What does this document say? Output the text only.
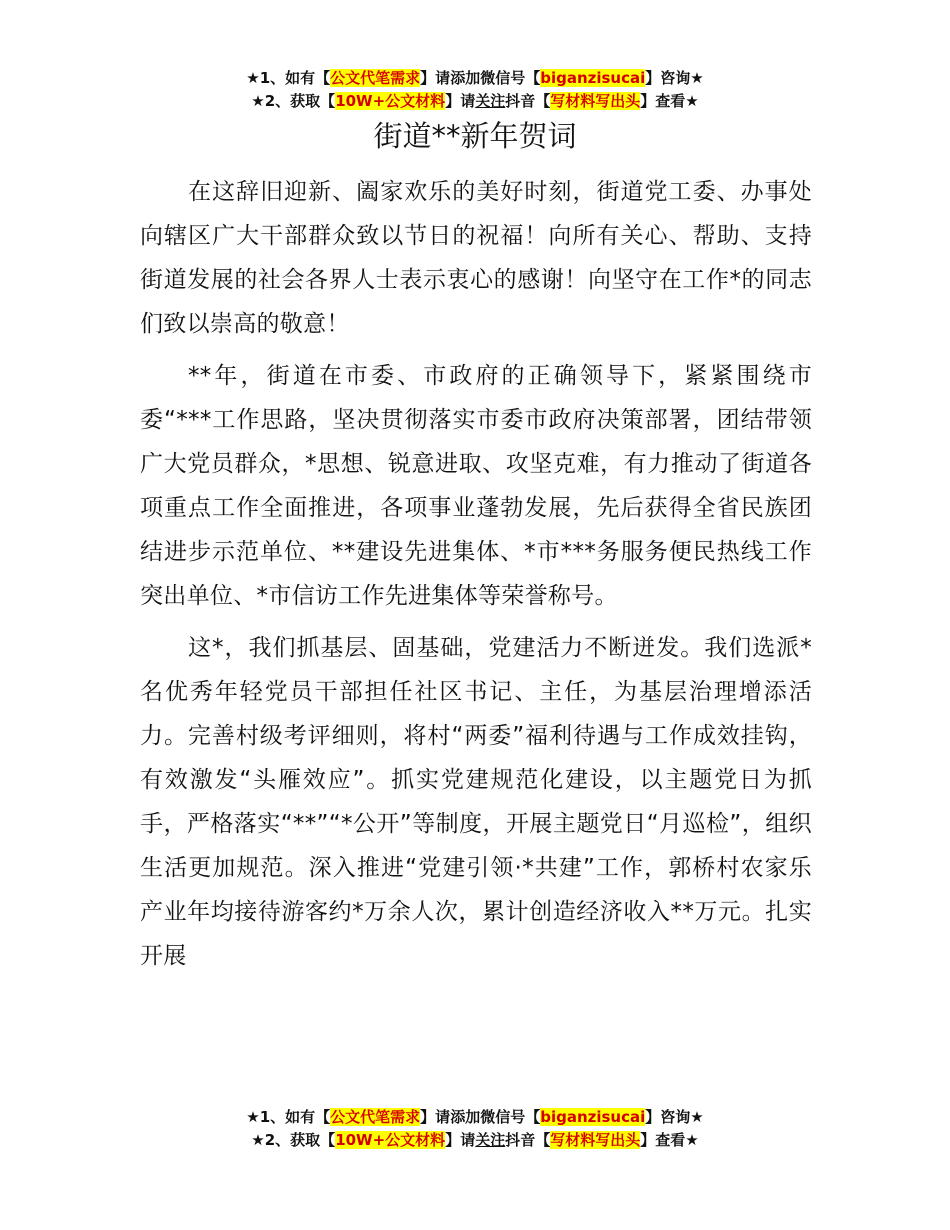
★1、如有【公文代笔需求】请添加微信号【biganzisucai】咨询★
★2、获取【10W+公文材料】请关注抖音【写材料写出头】查看★
街道**新年贺词

在这辞旧迎新、阖家欢乐的美好时刻，街道党工委、办事处向辖区广大干部群众致以节日的祝福！向所有关心、帮助、支持街道发展的社会各界人士表示衷心的感谢！向坚守在工作*的同志们致以崇高的敬意！

**年，街道在市委、市政府的正确领导下，紧紧围绕市委“***工作思路，坚决贯彻落实市委市政府决策部署，团结带领广大党员群众，*思想、锐意进取、攻坚克难，有力推动了街道各项重点工作全面推进，各项事业蓬勃发展，先后获得全省民族团结进步示范单位、**建设先进集体、*市***务服务便民热线工作突出单位、*市信访工作先进集体等荣誉称号。

这*，我们抓基层、固基础，党建活力不断迸发。我们选派*名优秀年轻党员干部担任社区书记、主任，为基层治理增添活力。完善村级考评细则，将村“两委”福利待遇与工作成效挂钩，有效激发“头雁效应”。抓实党建规范化建设，以主题党日为抓手，严格落实“**”“*公开”等制度，开展主题党日“月巡检”，组织生活更加规范。深入推进“党建引领·*共建”工作，郭桥村农家乐产业年均接待游客约*万余人次，累计创造经济收入**万元。扎实开展

★1、如有【公文代笔需求】请添加微信号【biganzisucai】咨询★
★2、获取【10W+公文材料】请关注抖音【写材料写出头】查看★
